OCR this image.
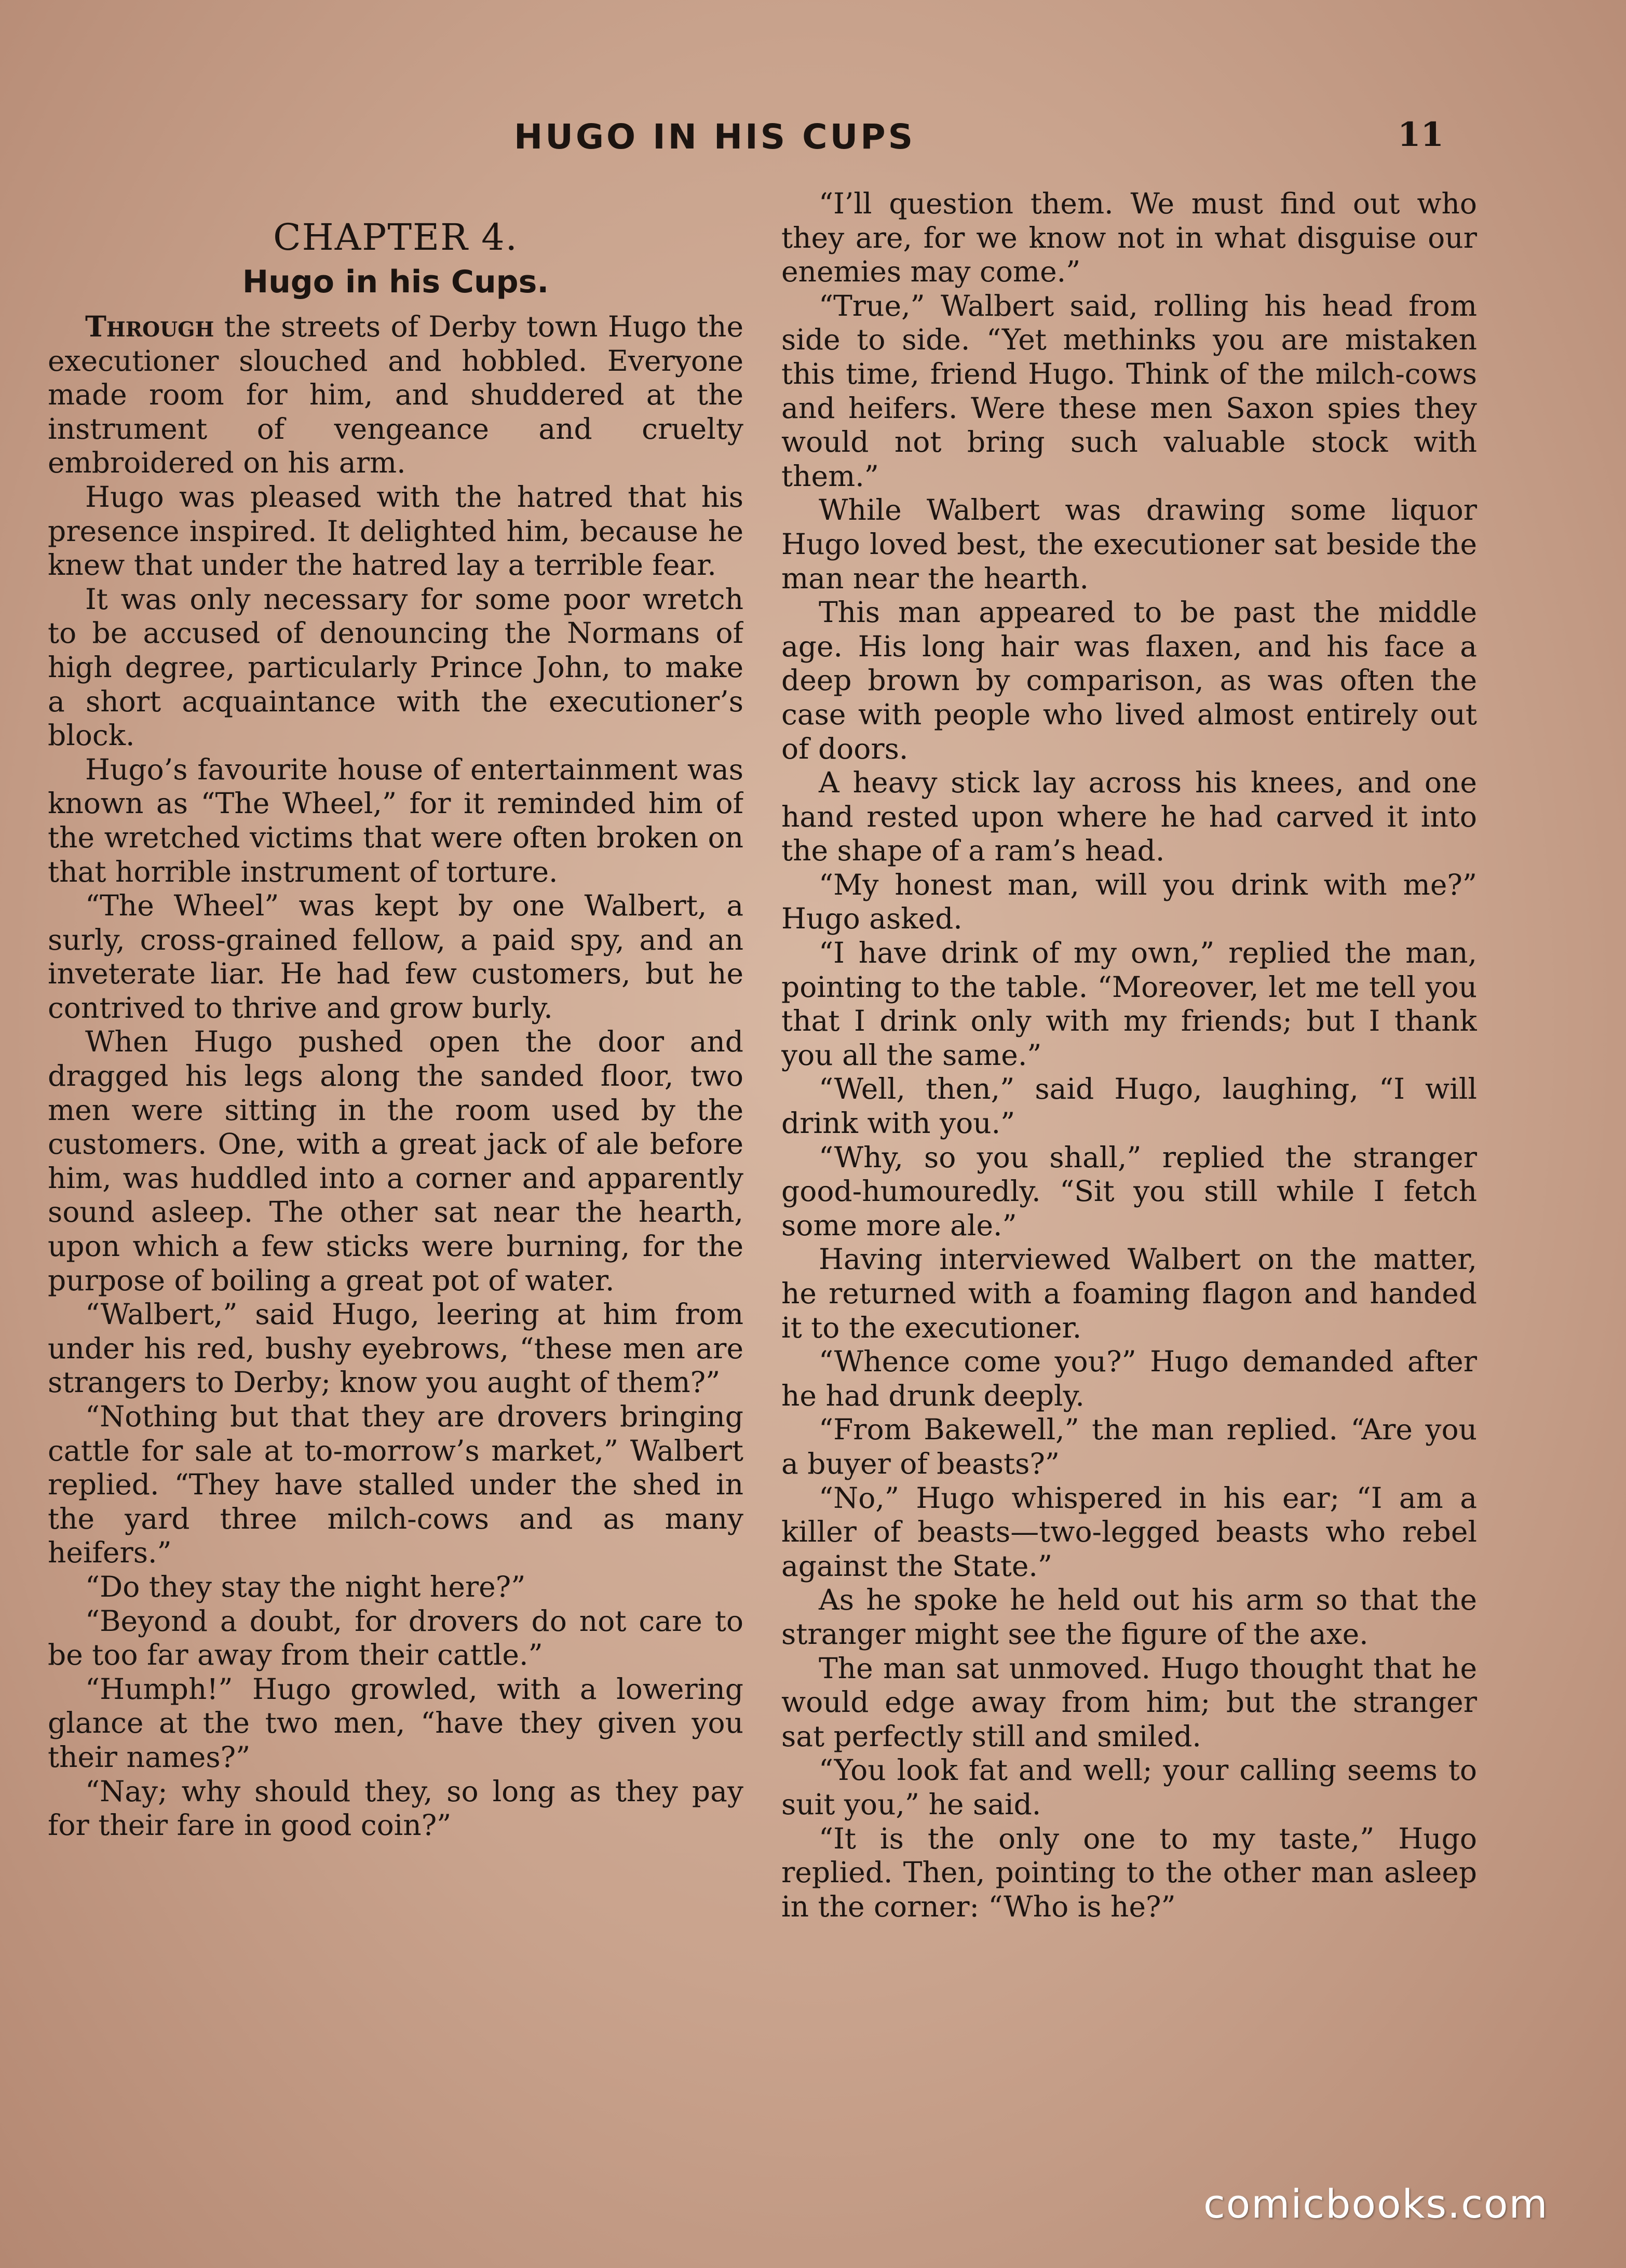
HUGO IN HIS CUPS	11
CHAPTER 4.
Hugo in his Cups.

Through the streets of Derby town Hugo the executioner slouched and hobbled. Everyone made room for him, and shuddered at the instrument of vengeance and cruelty embroidered on his arm.

Hugo was pleased with the hatred that his presence inspired. It delighted him, because he knew that under the hatred lay a terrible fear.

It was only necessary for some poor wretch to be accused of denouncing the Normans of high degree, particularly Prince John, to make a short acquaintance with the executioner’s block.

Hugo’s favourite house of entertainment was known as “The Wheel,” for it reminded him of the wretched victims that were often broken on that horrible instrument of torture.

“The Wheel” was kept by one Walbert, a surly, cross-grained fellow, a paid spy, and an inveterate liar. He had few customers, but he contrived to thrive and grow burly.

When Hugo pushed open the door and dragged his legs along the sanded floor, two men were sitting in the room used by the customers. One, with a great jack of ale before him, was huddled into a corner and apparently sound asleep. The other sat near the hearth, upon which a few sticks were burning, for the purpose of boiling a great pot of water.

“Walbert,” said Hugo, leering at him from under his red, bushy eyebrows, “these men are strangers to Derby; know you aught of them?”

“Nothing but that they are drovers bringing cattle for sale at to-morrow’s market,” Walbert replied. “They have stalled under the shed in the yard three milch-cows and as many heifers.”

“Do they stay the night here?”

“Beyond a doubt, for drovers do not care to be too far away from their cattle.”

“Humph!” Hugo growled, with a lowering glance at the two men, “have they given you their names?”

“Nay; why should they, so long as they pay for their fare in good coin?”

“I’ll question them. We must find out who they are, for we know not in what disguise our enemies may come.”

“True,” Walbert said, rolling his head from side to side. “Yet methinks you are mistaken this time, friend Hugo. Think of the milch-cows and heifers. Were these men Saxon spies they would not bring such valuable stock with them.”

While Walbert was drawing some liquor Hugo loved best, the executioner sat beside the man near the hearth.

This man appeared to be past the middle age. His long hair was flaxen, and his face a deep brown by comparison, as was often the case with people who lived almost entirely out of doors.

A heavy stick lay across his knees, and one hand rested upon where he had carved it into the shape of a ram’s head.

“My honest man, will you drink with me?” Hugo asked.

“I have drink of my own,” replied the man, pointing to the table. “Moreover, let me tell you that I drink only with my friends; but I thank you all the same.”

“Well, then,” said Hugo, laughing, “I will drink with you.”

“Why, so you shall,” replied the stranger good-humouredly. “Sit you still while I fetch some more ale.”

Having interviewed Walbert on the matter, he returned with a foaming flagon and handed it to the executioner.

“Whence come you?” Hugo demanded after he had drunk deeply.

“From Bakewell,” the man replied. “Are you a buyer of beasts?”

“No,” Hugo whispered in his ear; “I am a killer of beasts—two-legged beasts who rebel against the State.”

As he spoke he held out his arm so that the stranger might see the figure of the axe.

The man sat unmoved. Hugo thought that he would edge away from him; but the stranger sat perfectly still and smiled.

“You look fat and well; your calling seems to suit you,” he said.

“It is the only one to my taste,” Hugo replied. Then, pointing to the other man asleep in the corner: “Who is he?”

comicbooks.com
